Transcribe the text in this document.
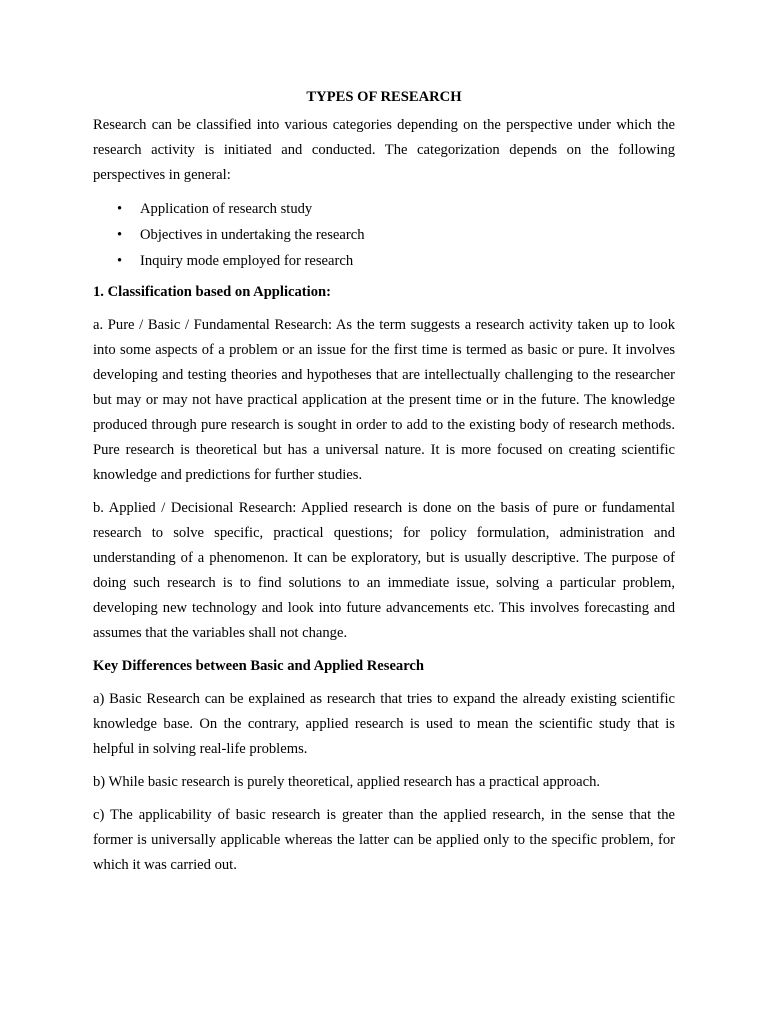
TYPES OF RESEARCH

Research can be classified into various categories depending on the perspective under which the research activity is initiated and conducted. The categorization depends on the following perspectives in general:

• Application of research study
• Objectives in undertaking the research
• Inquiry mode employed for research
1. Classification based on Application:

a. Pure / Basic / Fundamental Research: As the term suggests a research activity taken up to look into some aspects of a problem or an issue for the first time is termed as basic or pure. It involves developing and testing theories and hypotheses that are intellectually challenging to the researcher but may or may not have practical application at the present time or in the future. The knowledge produced through pure research is sought in order to add to the existing body of research methods. Pure research is theoretical but has a universal nature. It is more focused on creating scientific knowledge and predictions for further studies.

b. Applied / Decisional Research: Applied research is done on the basis of pure or fundamental research to solve specific, practical questions; for policy formulation, administration and understanding of a phenomenon. It can be exploratory, but is usually descriptive. The purpose of doing such research is to find solutions to an immediate issue, solving a particular problem, developing new technology and look into future advancements etc. This involves forecasting and assumes that the variables shall not change.

Key Differences between Basic and Applied Research

a) Basic Research can be explained as research that tries to expand the already existing scientific knowledge base. On the contrary, applied research is used to mean the scientific study that is helpful in solving real-life problems.

b) While basic research is purely theoretical, applied research has a practical approach.

c) The applicability of basic research is greater than the applied research, in the sense that the former is universally applicable whereas the latter can be applied only to the specific problem, for which it was carried out.
